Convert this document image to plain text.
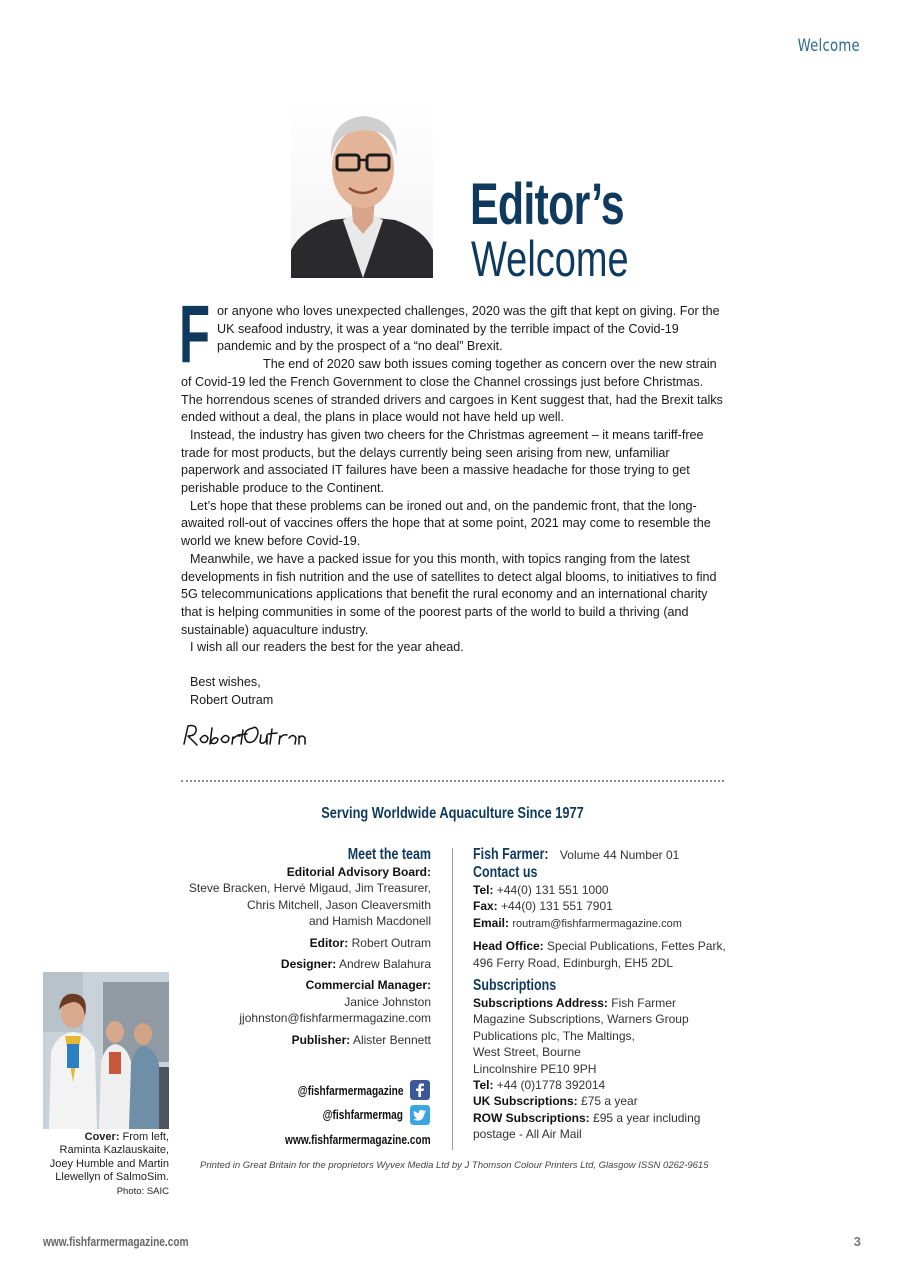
Welcome
Editor’s
Welcome
F or anyone who loves unexpected challenges, 2020 was the gift that kept on giving. For the UK seafood industry, it was a year dominated by the terrible impact of the Covid-19 pandemic and by the prospect of a “no deal” Brexit.

The end of 2020 saw both issues coming together as concern over the new strain of Covid-19 led the French Government to close the Channel crossings just before Christmas. The horrendous scenes of stranded drivers and cargoes in Kent suggest that, had the Brexit talks ended without a deal, the plans in place would not have held up well.

Instead, the industry has given two cheers for the Christmas agreement – it means tariff-free trade for most products, but the delays currently being seen arising from new, unfamiliar paperwork and associated IT failures have been a massive headache for those trying to get perishable produce to the Continent.

Let’s hope that these problems can be ironed out and, on the pandemic front, that the long-awaited roll-out of vaccines offers the hope that at some point, 2021 may come to resemble the world we knew before Covid-19.

Meanwhile, we have a packed issue for you this month, with topics ranging from the latest developments in fish nutrition and the use of satellites to detect algal blooms, to initiatives to find 5G telecommunications applications that benefit the rural economy and an international charity that is helping communities in some of the poorest parts of the world to build a thriving (and sustainable) aquaculture industry.

I wish all our readers the best for the year ahead.

Best wishes,
Robert Outram
Serving Worldwide Aquaculture Since 1977
Meet the team
Editorial Advisory Board:
Steve Bracken, Hervé Migaud, Jim Treasurer,
Chris Mitchell, Jason Cleaversmith
and Hamish Macdonell
Editor: Robert Outram
Designer: Andrew Balahura
Commercial Manager:
Janice Johnston
jjohnston@fishfarmermagazine.com
Publisher: Alister Bennett
@fishfarmermagazine
@fishfarmermag
www.fishfarmermagazine.com
Fish Farmer: Volume 44 Number 01
Contact us
Tel: +44(0) 131 551 1000
Fax: +44(0) 131 551 7901
Email: routram@fishfarmermagazine.com
Head Office: Special Publications, Fettes Park,
496 Ferry Road, Edinburgh, EH5 2DL
Subscriptions
Subscriptions Address: Fish Farmer
Magazine Subscriptions, Warners Group
Publications plc, The Maltings,
West Street, Bourne
Lincolnshire PE10 9PH
Tel: +44 (0)1778 392014
UK Subscriptions: £75 a year
ROW Subscriptions: £95 a year including
postage - All Air Mail
Cover: From left,
Raminta Kazlauskaite,
Joey Humble and Martin
Llewellyn of SalmoSim.
Photo: SAIC
Printed in Great Britain for the proprietors Wyvex Media Ltd by J Thomson Colour Printers Ltd, Glasgow ISSN 0262-9615
www.fishfarmermagazine.com	3
